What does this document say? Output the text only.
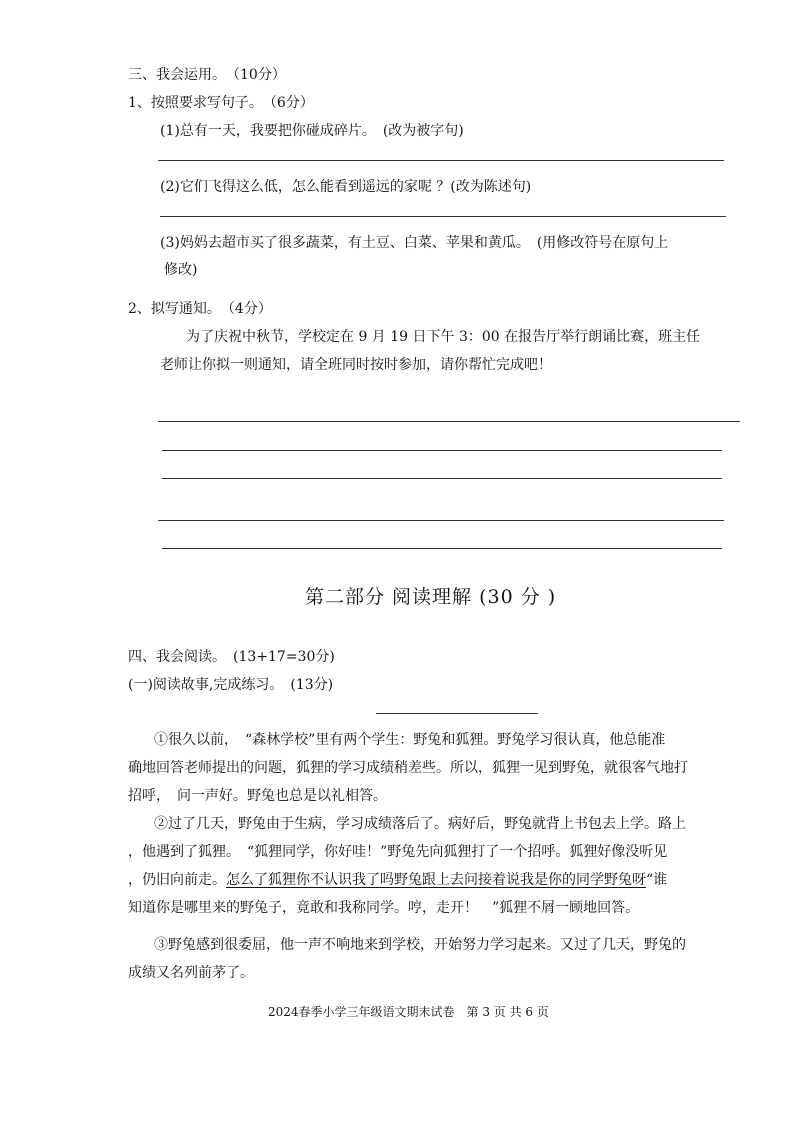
三、我会运用。　（10分）
1、按照要求写句子。　（6分）
(1)总有一天，我要把你碰成碎片。　(改为被字句)
(2)它们飞得这么低，怎么能看到遥远的家呢 ？(改为陈述句)
(3)妈妈去超市买了很多蔬菜，有土豆、白菜、苹果和黄瓜。　(用修改符号在原句上
修改)
2、拟写通知。　（4分）
为了庆祝中秋节，学校定在 9 月 19 日下午 3：00 在报告厅举行朗诵比赛，班主任
老师让你拟一则通知，请全班同时按时参加，请你帮忙完成吧！
第二部分 阅读理解 (30 分 )
四、我会阅读。　(13+17=30分)
(一)阅读故事,完成练习。　(13分)
①很久以前，　“森林学校”里有两个学生：野兔和狐狸。野兔学习很认真，他总能准
确地回答老师提出的问题，狐狸的学习成绩稍差些。所以，狐狸一见到野兔，就很客气地打
招呼，　问一声好。野兔也总是以礼相答。
②过了几天，野兔由于生病，学习成绩落后了。病好后，野兔就背上书包去上学。路上
，他遇到了狐狸。　“狐狸同学，你好哇！”野兔先向狐狸打了一个招呼。狐狸好像没听见
，仍旧向前走。怎么了狐狸你不认识我了吗野兔跟上去问接着说我是你的同学野兔呀“谁
知道你是哪里来的野兔子，竟敢和我称同学。哼，走开！　”狐狸不屑一顾地回答。
③野兔感到很委屈，他一声不响地来到学校，开始努力学习起来。又过了几天，野兔的
成绩又名列前茅了。
2024春季小学三年级语文期末试卷　第 3 页 共 6 页
